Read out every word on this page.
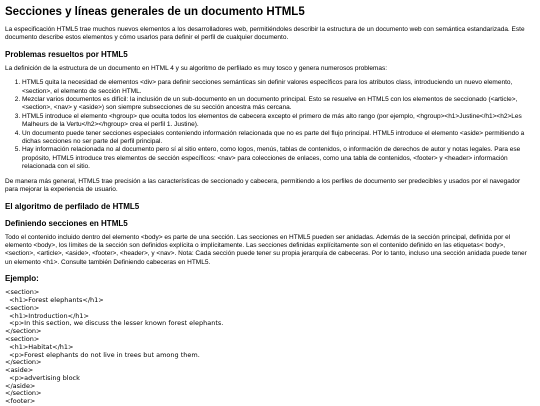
Secciones y líneas generales de un documento HTML5

La especificación HTML5 trae muchos nuevos elementos a los desarrolladores web, permitiéndoles describir la estructura de un documento web con semántica estandarizada. Este documento describe estos elementos y cómo usarlos para definir el perfil de cualquier documento.

Problemas resueltos por HTML5

La definición de la estructura de un documento en HTML 4 y su algoritmo de perfilado es muy tosco y genera numerosos problemas:

1. HTML5 quita la necesidad de elementos <div> para definir secciones semánticas sin definir valores específicos para los atributos class, introduciendo un nuevo elemento, <section>, el elemento de sección HTML.
2. Mezclar varios documentos es difícil: la inclusión de un sub-documento en un documento principal. Esto se resuelve en HTML5 con los elementos de seccionado (<article>, <section>, <nav> y <aside>) son siempre subsecciones de su sección ancestra más cercana.
3. HTML5 introduce el elemento <hgroup> que oculta todos los elementos de cabecera excepto el primero de más alto rango (por ejemplo, <hgroup><h1>Justine</h1><h2>Les Malheurs de la Vertu</h2></hgroup> crea el perfil 1. Justine).
4. Un documento puede tener secciones especiales conteniendo información relacionada que no es parte del flujo principal. HTML5 introduce el elemento <aside> permitiendo a dichas secciones no ser parte del perfil principal.
5. Hay información relacionada no al documento pero sí al sitio entero, como logos, menús, tablas de contenidos, o información de derechos de autor y notas legales. Para ese propósito, HTML5 introduce tres elementos de sección específicos: <nav> para colecciones de enlaces, como una tabla de contenidos, <footer> y <header> información relacionada con el sitio.

De manera más general, HTML5 trae precisión a las características de seccionado y cabecera, permitiendo a los perfiles de documento ser predecibles y usados por el navegador para mejorar la experiencia de usuario.

El algoritmo de perfilado de HTML5
Definiendo secciones en HTML5

Todo el contenido incluido dentro del elemento <body> es parte de una sección. Las secciones en HTML5 pueden ser anidadas. Además de la sección principal, definida por el elemento <body>, los límites de la sección son definidos explícita o implícitamente. Las secciones definidas explícitamente son el contenido definido en las etiquetas< body>, <section>, <article>, <aside>, <footer>, <header>, y <nav>. Nota: Cada sección puede tener su propia jerarquía de cabeceras. Por lo tanto, incluso una sección anidada puede tener un elemento <h1>. Consulte también Definiendo cabeceras en HTML5.

Ejemplo:
<section>
<h1>Forest elephants</h1>
<section>
<h1>Introduction</h1>
<p>In this section, we discuss the lesser known forest elephants.
</section>
<section>
<h1>Habitat</h1>
<p>Forest elephants do not live in trees but among them.
</section>
<aside>
<p>advertising block
</aside>
</section>
<footer>
